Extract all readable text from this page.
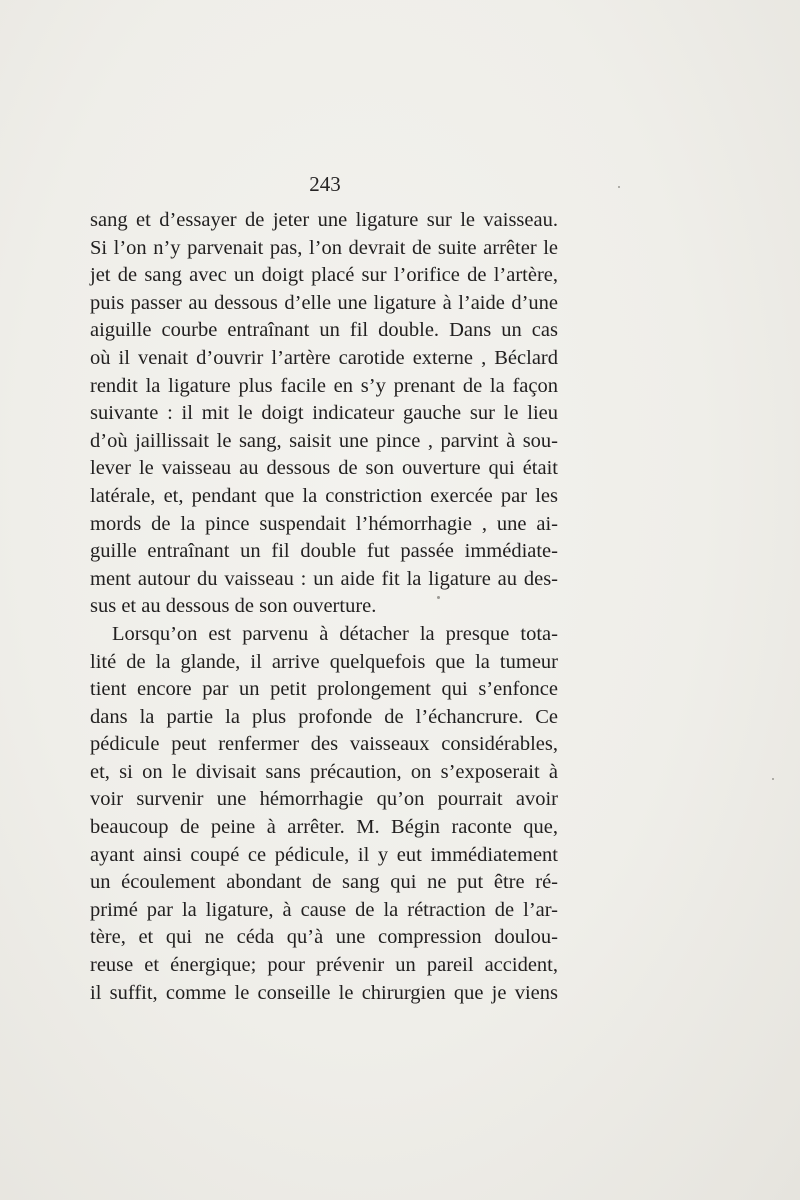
243
sang et d’essayer de jeter une ligature sur le vaisseau.
Si l’on n’y parvenait pas, l’on devrait de suite arrêter le
jet de sang avec un doigt placé sur l’orifice de l’artère,
puis passer au dessous d’elle une ligature à l’aide d’une
aiguille courbe entraînant un fil double. Dans un cas
où il venait d’ouvrir l’artère carotide externe , Béclard
rendit la ligature plus facile en s’y prenant de la façon
suivante : il mit le doigt indicateur gauche sur le lieu
d’où jaillissait le sang, saisit une pince , parvint à sou-
lever le vaisseau au dessous de son ouverture qui était
latérale, et, pendant que la constriction exercée par les
mords de la pince suspendait l’hémorrhagie , une ai-
guille entraînant un fil double fut passée immédiate-
ment autour du vaisseau : un aide fit la ligature au des-
sus et au dessous de son ouverture.
Lorsqu’on est parvenu à détacher la presque tota-
lité de la glande, il arrive quelquefois que la tumeur
tient encore par un petit prolongement qui s’enfonce
dans la partie la plus profonde de l’échancrure. Ce
pédicule peut renfermer des vaisseaux considérables,
et, si on le divisait sans précaution, on s’exposerait à
voir survenir une hémorrhagie qu’on pourrait avoir
beaucoup de peine à arrêter. M. Bégin raconte que,
ayant ainsi coupé ce pédicule, il y eut immédiatement
un écoulement abondant de sang qui ne put être ré-
primé par la ligature, à cause de la rétraction de l’ar-
tère, et qui ne céda qu’à une compression doulou-
reuse et énergique; pour prévenir un pareil accident,
il suffit, comme le conseille le chirurgien que je viens
